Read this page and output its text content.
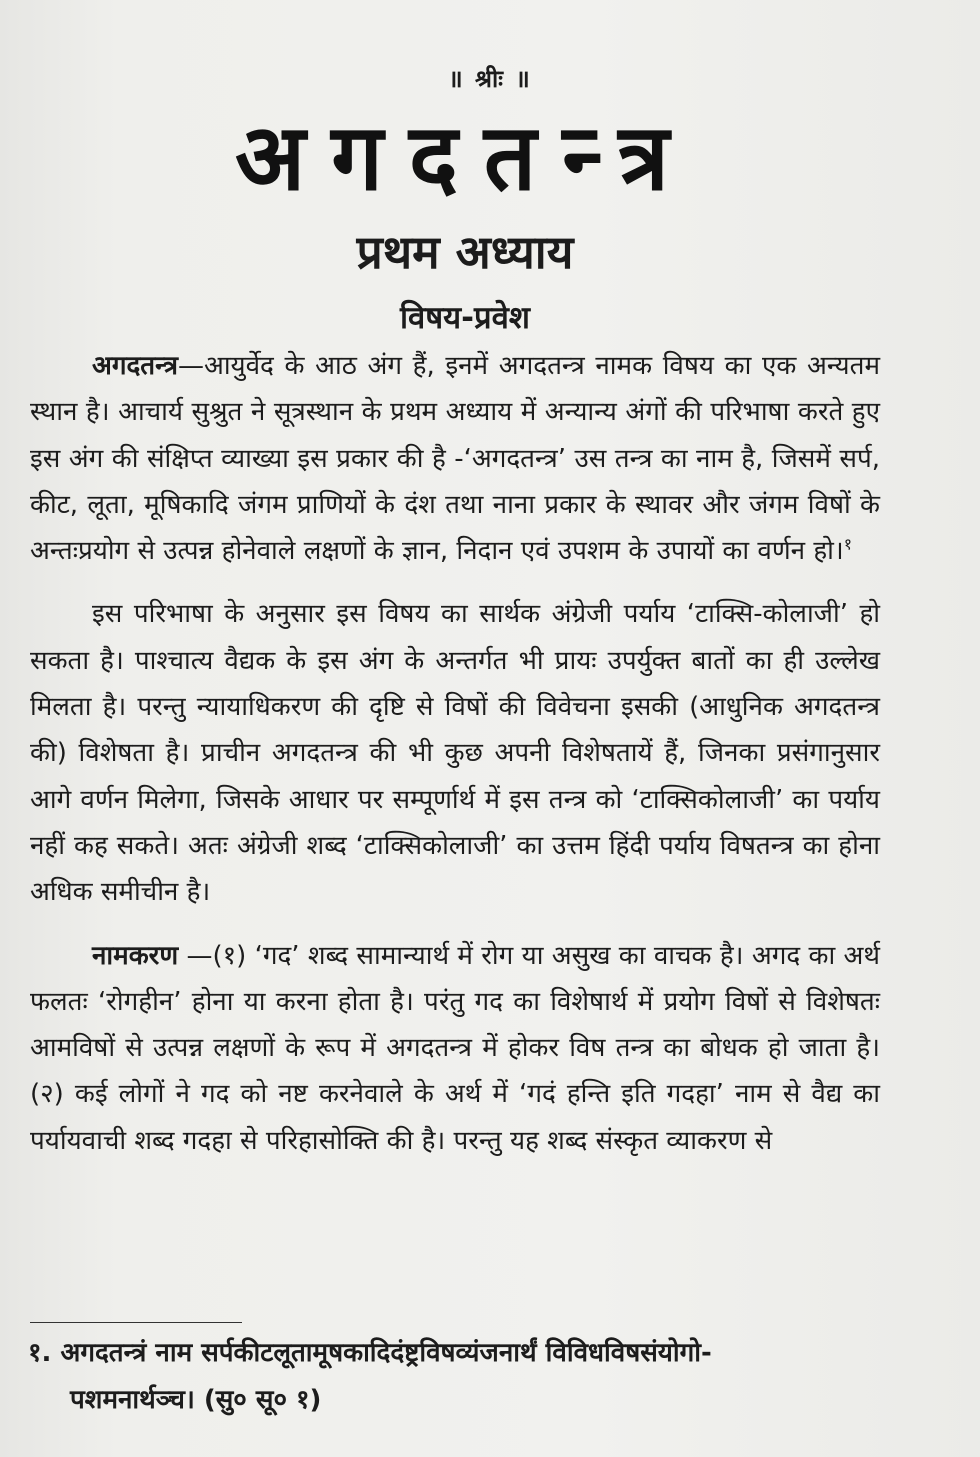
॥ श्रीः ॥
अगदतन्त्र
प्रथम अध्याय
विषय-प्रवेश

अगदतन्त्र—आयुर्वेद के आठ अंग हैं, इनमें अगदतन्त्र नामक विषय का एक अन्यतम स्थान है। आचार्य सुश्रुत ने सूत्रस्थान के प्रथम अध्याय में अन्यान्य अंगों की परिभाषा करते हुए इस अंग की संक्षिप्त व्याख्या इस प्रकार की है -‘अगदतन्त्र’ उस तन्त्र का नाम है, जिसमें सर्प, कीट, लूता, मूषिकादि जंगम प्राणियों के दंश तथा नाना प्रकार के स्थावर और जंगम विषों के अन्तःप्रयोग से उत्पन्न होनेवाले लक्षणों के ज्ञान, निदान एवं उपशम के उपायों का वर्णन हो।$^१$

इस परिभाषा के अनुसार इस विषय का सार्थक अंग्रेजी पर्याय ‘टाक्सि-कोलाजी’ हो सकता है। पाश्चात्य वैद्यक के इस अंग के अन्तर्गत भी प्रायः उपर्युक्त बातों का ही उल्लेख मिलता है। परन्तु न्यायाधिकरण की दृष्टि से विषों की विवेचना इसकी (आधुनिक अगदतन्त्र की) विशेषता है। प्राचीन अगदतन्त्र की भी कुछ अपनी विशेषतायें हैं, जिनका प्रसंगानुसार आगे वर्णन मिलेगा, जिसके आधार पर सम्पूर्णार्थ में इस तन्त्र को ‘टाक्सिकोलाजी’ का पर्याय नहीं कह सकते। अतः अंग्रेजी शब्द ‘टाक्सिकोलाजी’ का उत्तम हिंदी पर्याय विषतन्त्र का होना अधिक समीचीन है।

नामकरण —(१) ‘गद’ शब्द सामान्यार्थ में रोग या असुख का वाचक है। अगद का अर्थ फलतः ‘रोगहीन’ होना या करना होता है। परंतु गद का विशेषार्थ में प्रयोग विषों से विशेषतः आमविषों से उत्पन्न लक्षणों के रूप में अगदतन्त्र में होकर विष तन्त्र का बोधक हो जाता है। (२) कई लोगों ने गद को नष्ट करनेवाले के अर्थ में ‘गदं हन्ति इति गदहा’ नाम से वैद्य का पर्यायवाची शब्द गदहा से परिहासोक्ति की है। परन्तु यह शब्द संस्कृत व्याकरण से

१. अगदतन्त्रं नाम सर्पकीटलूतामूषकादिदंष्ट्रविषव्यंजनार्थं विविधविषसंयोगो-
पशमनार्थञ्च। (सु० सू० १)
